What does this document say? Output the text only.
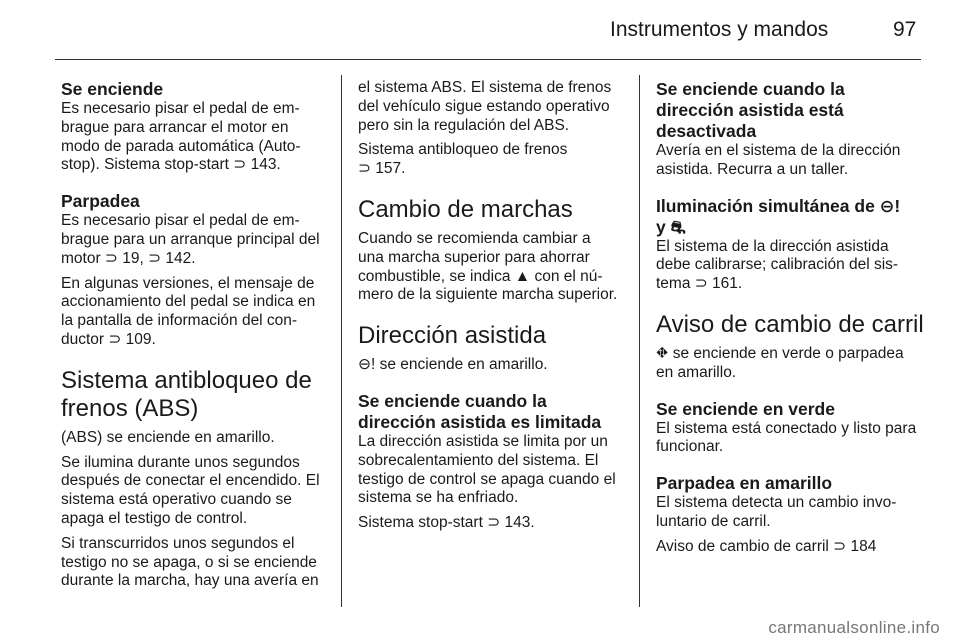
Instrumentos y mandos	97
Se enciende
Es necesario pisar el pedal de em-
brague para arrancar el motor en
modo de parada automática (Auto-
stop). Sistema stop-start ⊃ 143.
Parpadea
Es necesario pisar el pedal de em-
brague para un arranque principal del
motor ⊃ 19, ⊃ 142.
En algunas versiones, el mensaje de
accionamiento del pedal se indica en
la pantalla de información del con-
ductor ⊃ 109.
Sistema antibloqueo de
frenos (ABS)
(ABS) se enciende en amarillo.
Se ilumina durante unos segundos
después de conectar el encendido. El
sistema está operativo cuando se
apaga el testigo de control.
Si transcurridos unos segundos el
testigo no se apaga, o si se enciende
durante la marcha, hay una avería en
el sistema ABS. El sistema de frenos
del vehículo sigue estando operativo
pero sin la regulación del ABS.
Sistema antibloqueo de frenos
⊃ 157.
Cambio de marchas
Cuando se recomienda cambiar a
una marcha superior para ahorrar
combustible, se indica ▲ con el nú-
mero de la siguiente marcha superior.
Dirección asistida
⊖! se enciende en amarillo.
Se enciende cuando la
dirección asistida es limitada
La dirección asistida se limita por un
sobrecalentamiento del sistema. El
testigo de control se apaga cuando el
sistema se ha enfriado.
Sistema stop-start ⊃ 143.
Se enciende cuando la
dirección asistida está
desactivada
Avería en el sistema de la dirección
asistida. Recurra a un taller.
Iluminación simultánea de ⊖!
y ⛐
El sistema de la dirección asistida
debe calibrarse; calibración del sis-
tema ⊃ 161.
Aviso de cambio de carril
⛖ se enciende en verde o parpadea
en amarillo.
Se enciende en verde
El sistema está conectado y listo para
funcionar.
Parpadea en amarillo
El sistema detecta un cambio invo-
luntario de carril.
Aviso de cambio de carril ⊃ 184
carmanualsonline.info
